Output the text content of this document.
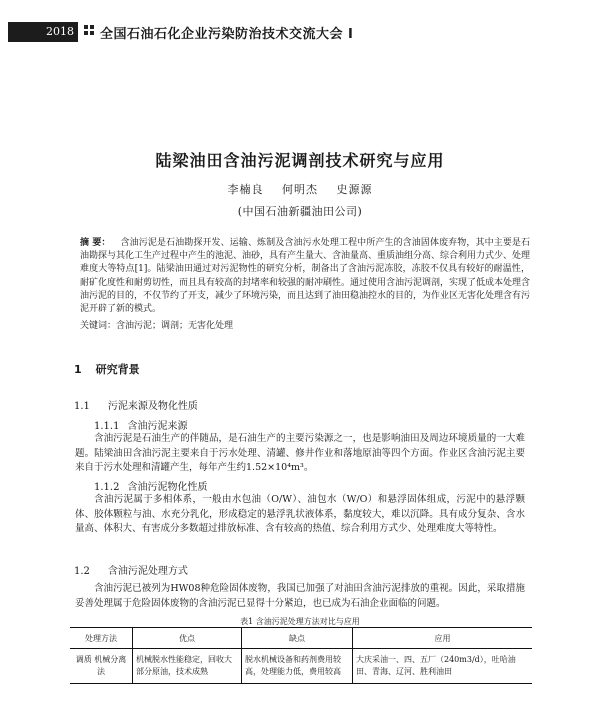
2018	全国石油石化企业污染防治技术交流大会 Ⅰ
陆梁油田含油污泥调剖技术研究与应用
李楠良 何明杰 史源源
(中国石油新疆油田公司)
摘 要： 含油污泥是石油勘探开发、运输、炼制及含油污水处理工程中所产生的含油固体废弃物，其中主要是石油勘探与其化工生产过程中产生的池泥、油砂，具有产生量大、含油量高、重质油组分高、综合利用力式少、处理难度大等特点[1]。陆梁油田通过对污泥物性的研究分析，制备出了含油污泥冻胶，冻胶不仅具有较好的耐温性，耐矿化度性和耐剪切性，而且具有较高的封堵率和较强的耐冲刷性。通过使用含油污泥调剖，实现了低成本处理含油污泥的目的，不仅节约了开支，减少了环境污染，而且达到了油田稳油控水的目的，为作业区无害化处理含有污泥开辟了新的模式。
关键词：含油污泥；调剖；无害化处理
1 研究背景
1.1 污泥来源及物化性质
1.1.1 含油污泥来源
含油污泥是石油生产的伴随品，是石油生产的主要污染源之一，也是影响油田及周边环境质量的一大难题。陆梁油田含油污泥主要来自于污水处理、清罐、修井作业和落地原油等四个方面。作业区含油污泥主要来自于污水处理和清罐产生，每年产生约1.52×10⁴m³。
1.1.2 含油污泥物化性质
含油污泥属于多相体系，一般由水包油（O/W）、油包水（W/O）和悬浮固体组成，污泥中的悬浮颗体、胶体颗粒与油、水充分乳化，形成稳定的悬浮乳状液体系，黏度较大，难以沉降。具有成分复杂、含水量高、体积大、有害成分多数超过排放标准、含有较高的热值、综合利用方式少、处理难度大等特性。
1.2 含油污泥处理方式
含油污泥已被列为HW08种危险固体废物，我国已加强了对油田含油污泥排放的重视。因此，采取措施妥善处理属于危险固体废物的含油污泥已显得十分紧迫，也已成为石油企业面临的问题。
表1 含油污泥处理方法对比与应用
处理方法	优点	缺点	应用
调质 机械分离法	机械脱水性能稳定，回收大部分原油，技术成熟	脱水机械设备和药剂费用较高，处理能力低，费用较高	大庆采油一、四、五厂（240m3/d），吐哈油田、青海、辽河、胜利油田
